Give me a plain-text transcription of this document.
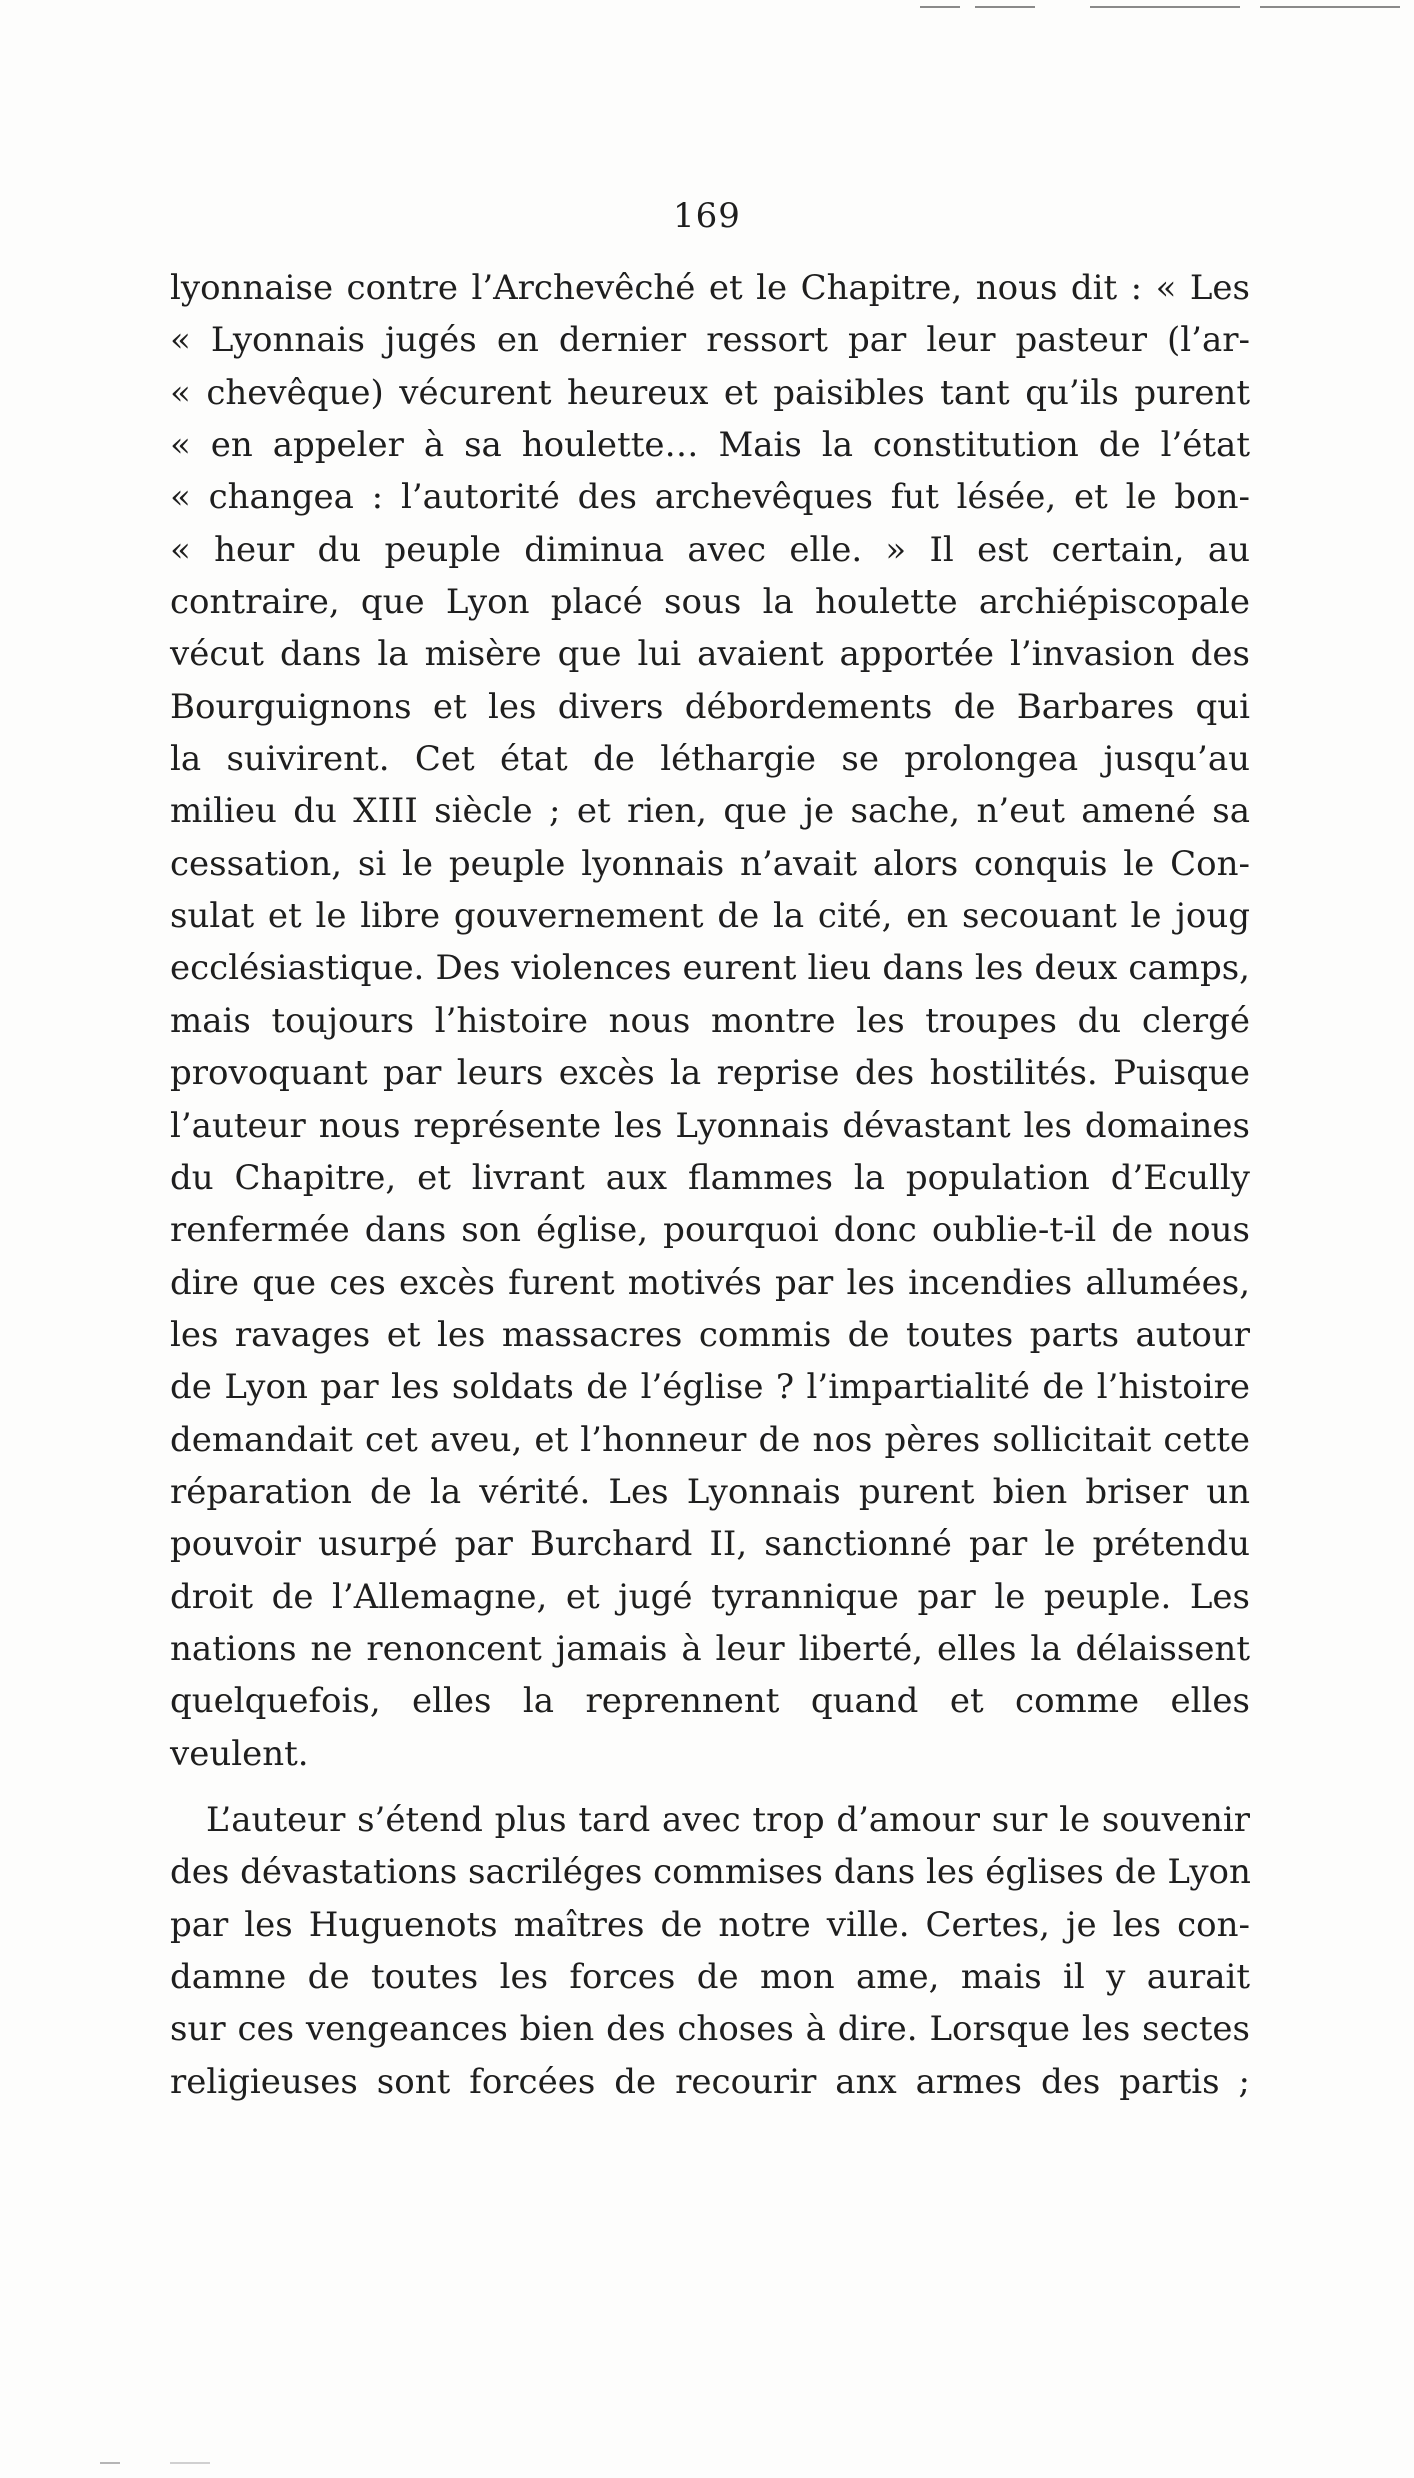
169
lyonnaise contre l’Archevêché et le Chapitre, nous dit : « Les
« Lyonnais jugés en dernier ressort par leur pasteur (l’ar-
« chevêque) vécurent heureux et paisibles tant qu’ils purent
« en appeler à sa houlette… Mais la constitution de l’état
« changea : l’autorité des archevêques fut lésée, et le bon-
« heur du peuple diminua avec elle. » Il est certain, au
contraire, que Lyon placé sous la houlette archiépiscopale
vécut dans la misère que lui avaient apportée l’invasion des
Bourguignons et les divers débordements de Barbares qui
la suivirent. Cet état de léthargie se prolongea jusqu’au
milieu du XIII siècle ; et rien, que je sache, n’eut amené sa
cessation, si le peuple lyonnais n’avait alors conquis le Con-
sulat et le libre gouvernement de la cité, en secouant le joug
ecclésiastique. Des violences eurent lieu dans les deux camps,
mais toujours l’histoire nous montre les troupes du clergé
provoquant par leurs excès la reprise des hostilités. Puisque
l’auteur nous représente les Lyonnais dévastant les domaines
du Chapitre, et livrant aux flammes la population d’Ecully
renfermée dans son église, pourquoi donc oublie-t-il de nous
dire que ces excès furent motivés par les incendies allumées,
les ravages et les massacres commis de toutes parts autour
de Lyon par les soldats de l’église ? l’impartialité de l’histoire
demandait cet aveu, et l’honneur de nos pères sollicitait cette
réparation de la vérité. Les Lyonnais purent bien briser un
pouvoir usurpé par Burchard II, sanctionné par le prétendu
droit de l’Allemagne, et jugé tyrannique par le peuple. Les
nations ne renoncent jamais à leur liberté, elles la délaissent
quelquefois, elles la reprennent quand et comme elles
veulent.
L’auteur s’étend plus tard avec trop d’amour sur le souvenir
des dévastations sacriléges commises dans les églises de Lyon
par les Huguenots maîtres de notre ville. Certes, je les con-
damne de toutes les forces de mon ame, mais il y aurait
sur ces vengeances bien des choses à dire. Lorsque les sectes
religieuses sont forcées de recourir anx armes des partis ;
